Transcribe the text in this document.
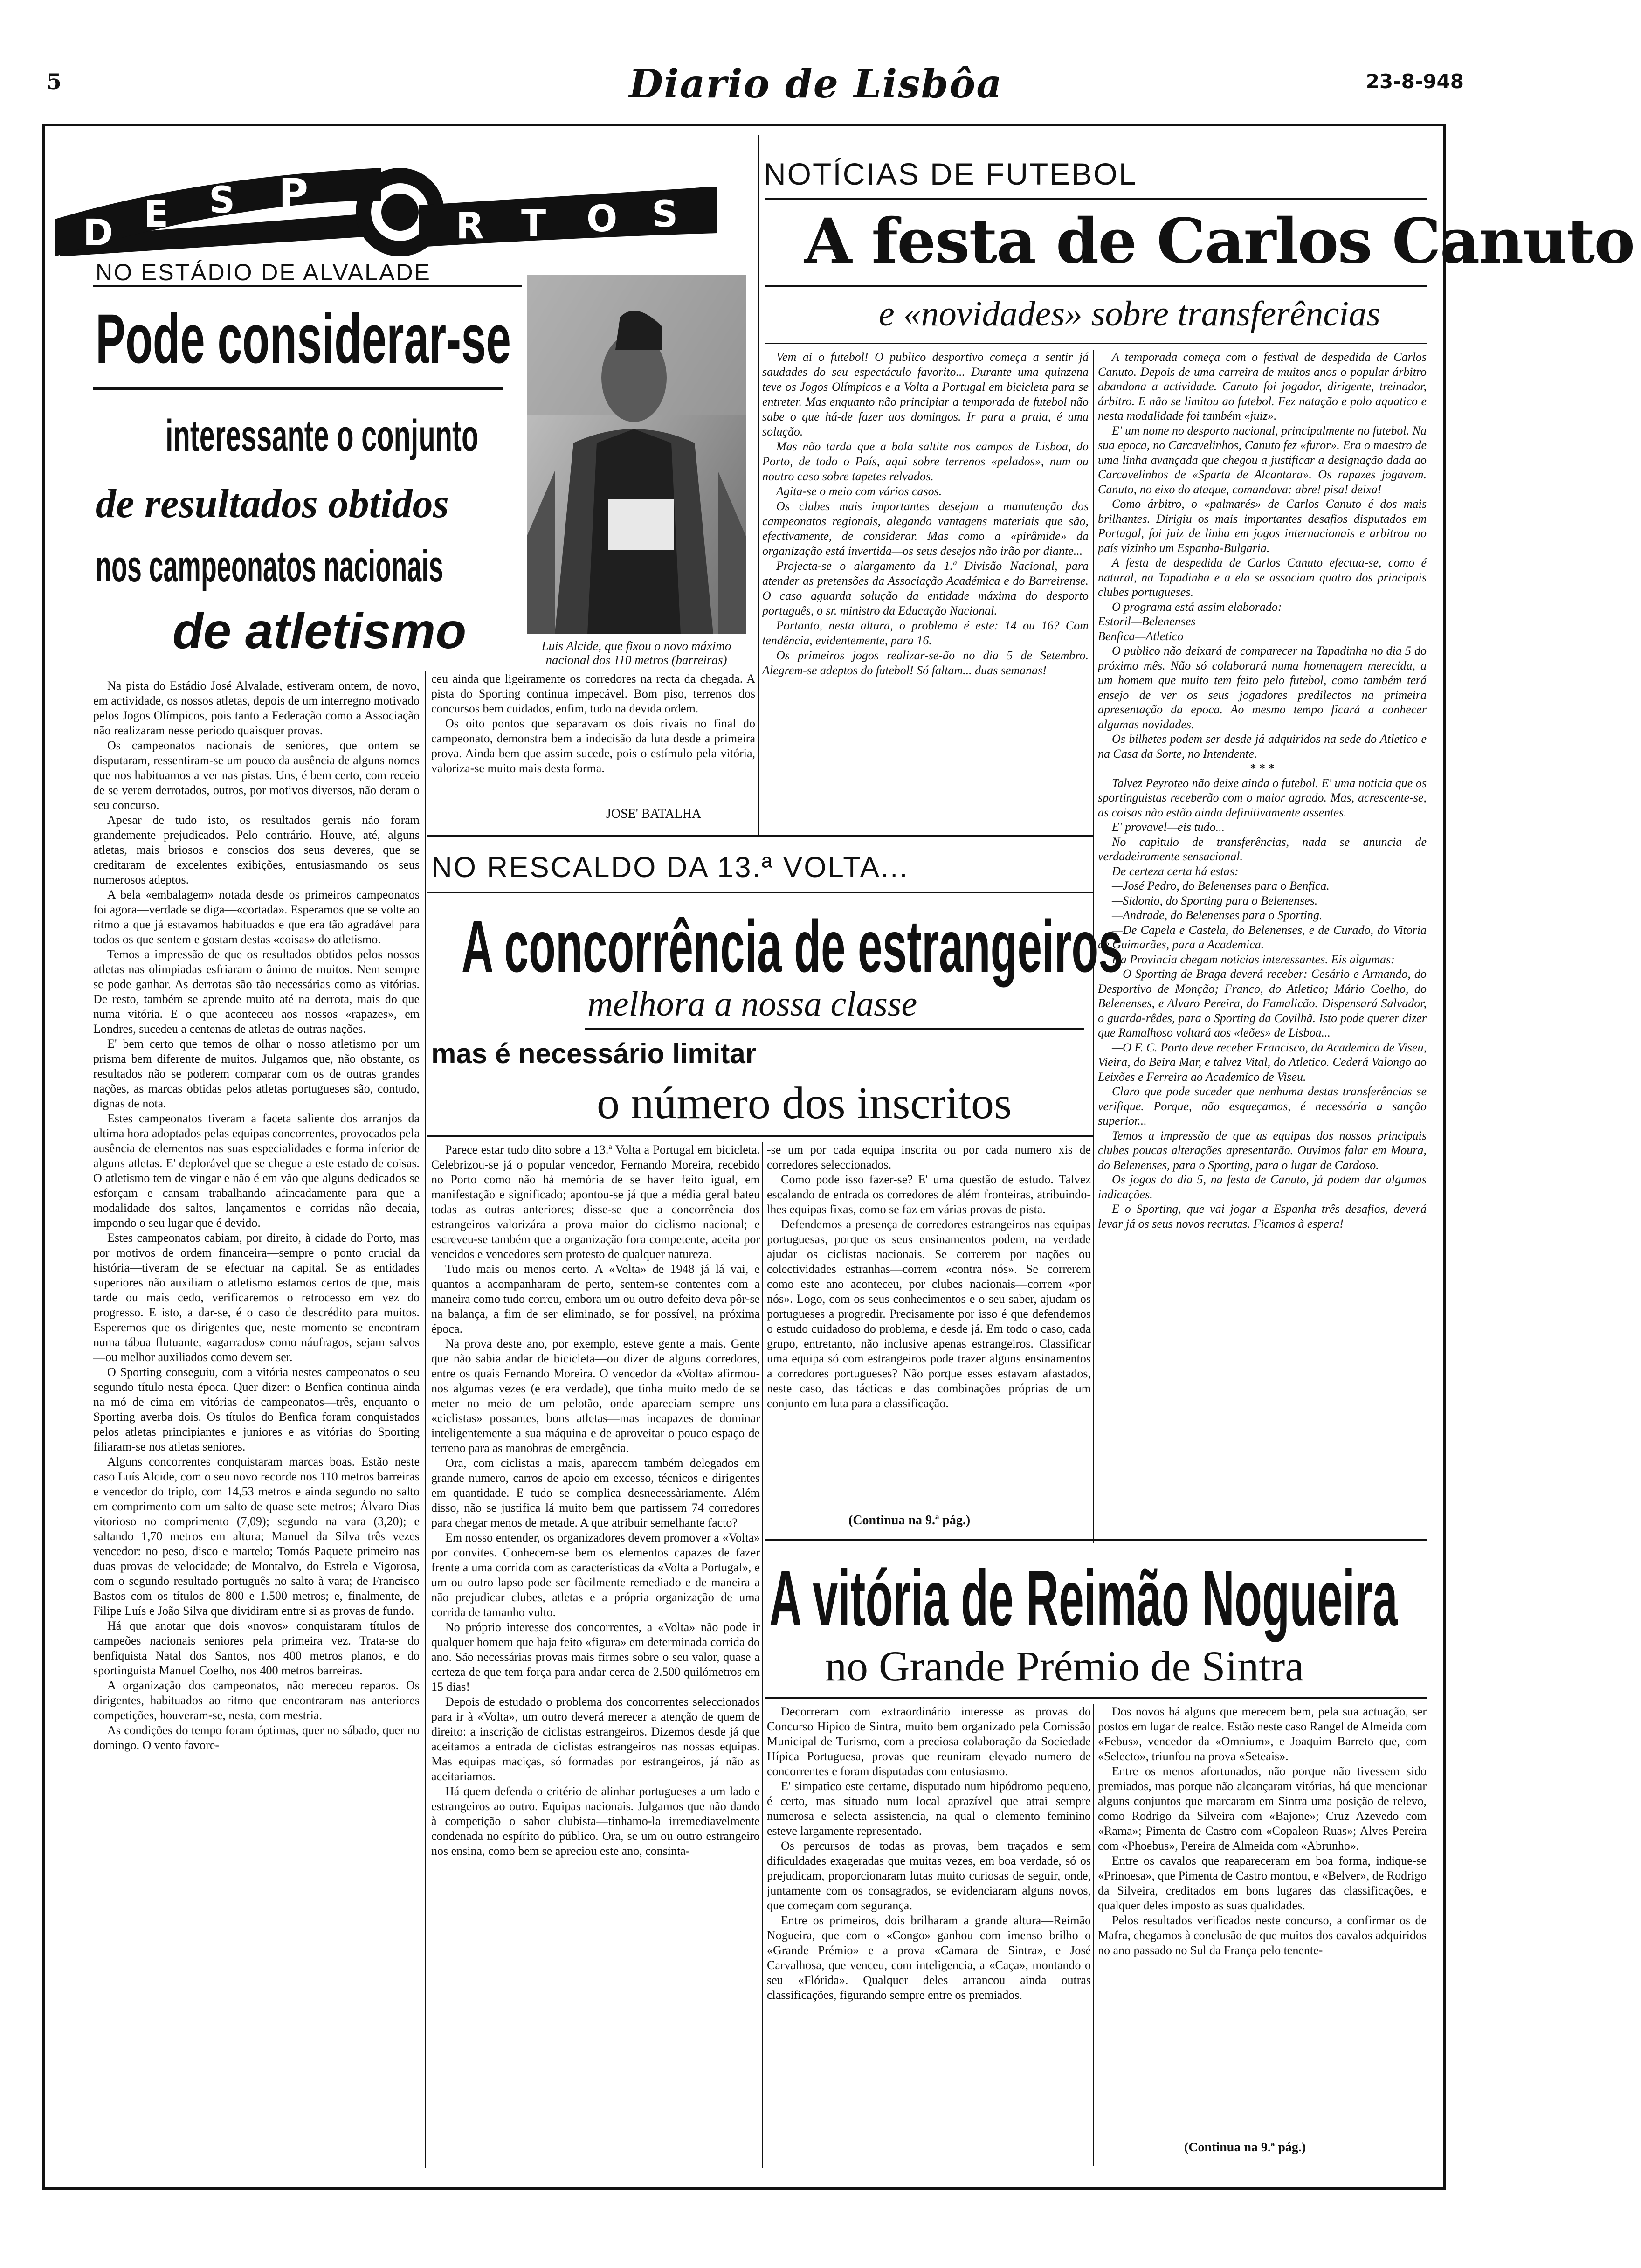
5	Diario de Lisbôa	23-8-948
D E S P
R T O S
NO ESTÁDIO DE ALVALADE
Pode considerar-se
interessante o conjunto
de resultados obtidos
nos campeonatos nacionais
de atletismo	Luis Alcide, que fixou o novo máximo nacional dos 110 metros (barreiras)

Na pista do Estádio José Alvalade, estiveram ontem, de novo, em actividade, os nossos atletas, depois de um interregno motivado pelos Jogos Olímpicos, pois tanto a Federação como a Associação não realizaram nesse período quaisquer provas.

Os campeonatos nacionais de seniores, que ontem se disputaram, ressentiram-se um pouco da ausência de alguns nomes que nos habituamos a ver nas pistas. Uns, é bem certo, com receio de se verem derrotados, outros, por motivos diversos, não deram o seu concurso.

Apesar de tudo isto, os resultados gerais não foram grandemente prejudicados. Pelo contrário. Houve, até, alguns atletas, mais briosos e conscios dos seus deveres, que se creditaram de excelentes exibições, entusiasmando os seus numerosos adeptos.

A bela «embalagem» notada desde os primeiros campeonatos foi agora—verdade se diga—«cortada». Esperamos que se volte ao ritmo a que já estavamos habituados e que era tão agradável para todos os que sentem e gostam destas «coisas» do atletismo.

Temos a impressão de que os resultados obtidos pelos nossos atletas nas olimpiadas esfriaram o ânimo de muitos. Nem sempre se pode ganhar. As derrotas são tão necessárias como as vitórias. De resto, também se aprende muito até na derrota, mais do que numa vitória. E o que aconteceu aos nossos «rapazes», em Londres, sucedeu a centenas de atletas de outras nações.

E' bem certo que temos de olhar o nosso atletismo por um prisma bem diferente de muitos. Julgamos que, não obstante, os resultados não se poderem comparar com os de outras grandes nações, as marcas obtidas pelos atletas portugueses são, contudo, dignas de nota.

Estes campeonatos tiveram a faceta saliente dos arranjos da ultima hora adoptados pelas equipas concorrentes, provocados pela ausência de elementos nas suas especialidades e forma inferior de alguns atletas. E' deplorável que se chegue a este estado de coisas. O atletismo tem de vingar e não é em vão que alguns dedicados se esforçam e cansam trabalhando afincadamente para que a modalidade dos saltos, lançamentos e corridas não decaia, impondo o seu lugar que é devido.

Estes campeonatos cabiam, por direito, à cidade do Porto, mas por motivos de ordem financeira—sempre o ponto crucial da história—tiveram de se efectuar na capital. Se as entidades superiores não auxiliam o atletismo estamos certos de que, mais tarde ou mais cedo, verificaremos o retrocesso em vez do progresso. E isto, a dar-se, é o caso de descrédito para muitos. Esperemos que os dirigentes que, neste momento se encontram numa tábua flutuante, «agarrados» como náufragos, sejam salvos—ou melhor auxiliados como devem ser.

O Sporting conseguiu, com a vitória nestes campeonatos o seu segundo título nesta época. Quer dizer: o Benfica continua ainda na mó de cima em vitórias de campeonatos—três, enquanto o Sporting averba dois. Os títulos do Benfica foram conquistados pelos atletas principiantes e juniores e as vitórias do Sporting filiaram-se nos atletas seniores.

Alguns concorrentes conquistaram marcas boas. Estão neste caso Luís Alcide, com o seu novo recorde nos 110 metros barreiras e vencedor do triplo, com 14,53 metros e ainda segundo no salto em comprimento com um salto de quase sete metros; Álvaro Dias vitorioso no comprimento (7,09); segundo na vara (3,20); e saltando 1,70 metros em altura; Manuel da Silva três vezes vencedor: no peso, disco e martelo; Tomás Paquete primeiro nas duas provas de velocidade; de Montalvo, do Estrela e Vigorosa, com o segundo resultado português no salto à vara; de Francisco Bastos com os títulos de 800 e 1.500 metros; e, finalmente, de Filipe Luís e João Silva que dividiram entre si as provas de fundo.

Há que anotar que dois «novos» conquistaram títulos de campeões nacionais seniores pela primeira vez. Trata-se do benfiquista Natal dos Santos, nos 400 metros planos, e do sportinguista Manuel Coelho, nos 400 metros barreiras.

A organização dos campeonatos, não mereceu reparos. Os dirigentes, habituados ao ritmo que encontraram nas anteriores competições, houveram-se, nesta, com mestria.

As condições do tempo foram óptimas, quer no sábado, quer no domingo. O vento favore-

ceu ainda que ligeiramente os corredores na recta da chegada. A pista do Sporting continua impecável. Bom piso, terrenos dos concursos bem cuidados, enfim, tudo na devida ordem.

Os oito pontos que separavam os dois rivais no final do campeonato, demonstra bem a indecisão da luta desde a primeira prova. Ainda bem que assim sucede, pois o estímulo pela vitória, valoriza-se muito mais desta forma.

JOSE' BATALHA
NOTÍCIAS DE FUTEBOL
A festa de Carlos Canuto
e «novidades» sobre transferências

Vem ai o futebol! O publico desportivo começa a sentir já saudades do seu espectáculo favorito... Durante uma quinzena teve os Jogos Olímpicos e a Volta a Portugal em bicicleta para se entreter. Mas enquanto não principiar a temporada de futebol não sabe o que há-de fazer aos domingos. Ir para a praia, é uma solução.

Mas não tarda que a bola saltite nos campos de Lisboa, do Porto, de todo o País, aqui sobre terrenos «pelados», num ou noutro caso sobre tapetes relvados.

Agita-se o meio com vários casos.

Os clubes mais importantes desejam a manutenção dos campeonatos regionais, alegando vantagens materiais que são, efectivamente, de considerar. Mas como a «pirâmide» da organização está invertida—os seus desejos não irão por diante...

Projecta-se o alargamento da 1.ª Divisão Nacional, para atender as pretensões da Associação Académica e do Barreirense. O caso aguarda solução da entidade máxima do desporto português, o sr. ministro da Educação Nacional.

Portanto, nesta altura, o problema é este: 14 ou 16? Com tendência, evidentemente, para 16.

Os primeiros jogos realizar-se-ão no dia 5 de Setembro. Alegrem-se adeptos do futebol! Só faltam... duas semanas!

A temporada começa com o festival de despedida de Carlos Canuto. Depois de uma carreira de muitos anos o popular árbitro abandona a actividade. Canuto foi jogador, dirigente, treinador, árbitro. E não se limitou ao futebol. Fez natação e polo aquatico e nesta modalidade foi também «juiz».

E' um nome no desporto nacional, principalmente no futebol. Na sua epoca, no Carcavelinhos, Canuto fez «furor». Era o maestro de uma linha avançada que chegou a justificar a designação dada ao Carcavelinhos de «Sparta de Alcantara». Os rapazes jogavam. Canuto, no eixo do ataque, comandava: abre! pisa! deixa!

Como árbitro, o «palmarés» de Carlos Canuto é dos mais brilhantes. Dirigiu os mais importantes desafios disputados em Portugal, foi juiz de linha em jogos internacionais e arbitrou no país vizinho um Espanha-Bulgaria.

A festa de despedida de Carlos Canuto efectua-se, como é natural, na Tapadinha e a ela se associam quatro dos principais clubes portugueses.

O programa está assim elaborado:

Estoril—Belenenses

Benfica—Atletico

O publico não deixará de comparecer na Tapadinha no dia 5 do próximo mês. Não só colaborará numa homenagem merecida, a um homem que muito tem feito pelo futebol, como também terá ensejo de ver os seus jogadores predilectos na primeira apresentação da epoca. Ao mesmo tempo ficará a conhecer algumas novidades.

Os bilhetes podem ser desde já adquiridos na sede do Atletico e na Casa da Sorte, no Intendente.

* * *

Talvez Peyroteo não deixe ainda o futebol. E' uma noticia que os sportinguistas receberão com o maior agrado. Mas, acrescente-se, as coisas não estão ainda definitivamente assentes.

E' provavel—eis tudo...

No capitulo de transferências, nada se anuncia de verdadeiramente sensacional.

De certeza certa há estas:

—José Pedro, do Belenenses para o Benfica.

—Sidonio, do Sporting para o Belenenses.

—Andrade, do Belenenses para o Sporting.

—De Capela e Castela, do Belenenses, e de Curado, do Vitoria de Guimarães, para a Academica.

Da Provincia chegam noticias interessantes. Eis algumas:

—O Sporting de Braga deverá receber: Cesário e Armando, do Desportivo de Monção; Franco, do Atletico; Mário Coelho, do Belenenses, e Alvaro Pereira, do Famalicão. Dispensará Salvador, o guarda-rêdes, para o Sporting da Covilhã. Isto pode querer dizer que Ramalhoso voltará aos «leões» de Lisboa...

—O F. C. Porto deve receber Francisco, da Academica de Viseu, Vieira, do Beira Mar, e talvez Vital, do Atletico. Cederá Valongo ao Leixões e Ferreira ao Academico de Viseu.

Claro que pode suceder que nenhuma destas transferências se verifique. Porque, não esqueçamos, é necessária a sanção superior...

Temos a impressão de que as equipas dos nossos principais clubes poucas alterações apresentarão. Ouvimos falar em Moura, do Belenenses, para o Sporting, para o lugar de Cardoso.

Os jogos do dia 5, na festa de Canuto, já podem dar algumas indicações.

E o Sporting, que vai jogar a Espanha três desafios, deverá levar já os seus novos recrutas. Ficamos à espera!

NO RESCALDO DA 13.ª VOLTA...
A concorrência de estrangeiros
melhora a nossa classe
mas é necessário limitar
o número dos inscritos

Parece estar tudo dito sobre a 13.ª Volta a Portugal em bicicleta. Celebrizou-se já o popular vencedor, Fernando Moreira, recebido no Porto como não há memória de se haver feito igual, em manifestação e significado; apontou-se já que a média geral bateu todas as outras anteriores; disse-se que a concorrência dos estrangeiros valorizára a prova maior do ciclismo nacional; e escreveu-se também que a organização fora competente, aceita por vencidos e vencedores sem protesto de qualquer natureza.

Tudo mais ou menos certo. A «Volta» de 1948 já lá vai, e quantos a acompanharam de perto, sentem-se contentes com a maneira como tudo correu, embora um ou outro defeito deva pôr-se na balança, a fim de ser eliminado, se for possível, na próxima época.

Na prova deste ano, por exemplo, esteve gente a mais. Gente que não sabia andar de bicicleta—ou dizer de alguns corredores, entre os quais Fernando Moreira. O vencedor da «Volta» afirmou-nos algumas vezes (e era verdade), que tinha muito medo de se meter no meio de um pelotão, onde apareciam sempre uns «ciclistas» possantes, bons atletas—mas incapazes de dominar inteligentemente a sua máquina e de aproveitar o pouco espaço de terreno para as manobras de emergência.

Ora, com ciclistas a mais, aparecem também delegados em grande numero, carros de apoio em excesso, técnicos e dirigentes em quantidade. E tudo se complica desnecessàriamente. Além disso, não se justifica lá muito bem que partissem 74 corredores para chegar menos de metade. A que atribuir semelhante facto?

Em nosso entender, os organizadores devem promover a «Volta» por convites. Conhecem-se bem os elementos capazes de fazer frente a uma corrida com as características da «Volta a Portugal», e um ou outro lapso pode ser fàcilmente remediado e de maneira a não prejudicar clubes, atletas e a própria organização de uma corrida de tamanho vulto.

No próprio interesse dos concorrentes, a «Volta» não pode ir qualquer homem que haja feito «figura» em determinada corrida do ano. São necessárias provas mais firmes sobre o seu valor, quase a certeza de que tem força para andar cerca de 2.500 quilómetros em 15 dias!

Depois de estudado o problema dos concorrentes seleccionados para ir à «Volta», um outro deverá merecer a atenção de quem de direito: a inscrição de ciclistas estrangeiros. Dizemos desde já que aceitamos a entrada de ciclistas estrangeiros nas nossas equipas. Mas equipas maciças, só formadas por estrangeiros, já não as aceitariamos.

Há quem defenda o critério de alinhar portugueses a um lado e estrangeiros ao outro. Equipas nacionais. Julgamos que não dando à competição o sabor clubista—tinhamo-la irremediavelmente condenada no espírito do público. Ora, se um ou outro estrangeiro nos ensina, como bem se apreciou este ano, consinta-

-se um por cada equipa inscrita ou por cada numero xis de corredores seleccionados.

Como pode isso fazer-se? E' uma questão de estudo. Talvez escalando de entrada os corredores de além fronteiras, atribuindo-lhes equipas fixas, como se faz em várias provas de pista.

Defendemos a presença de corredores estrangeiros nas equipas portuguesas, porque os seus ensinamentos podem, na verdade ajudar os ciclistas nacionais. Se correrem por nações ou colectividades estranhas—correm «contra nós». Se correrem como este ano aconteceu, por clubes nacionais—correm «por nós». Logo, com os seus conhecimentos e o seu saber, ajudam os portugueses a progredir. Precisamente por isso é que defendemos o estudo cuidadoso do problema, e desde já. Em todo o caso, cada grupo, entretanto, não inclusive apenas estrangeiros. Classificar uma equipa só com estrangeiros pode trazer alguns ensinamentos a corredores portugueses? Não porque esses estavam afastados, neste caso, das tácticas e das combinações próprias de um conjunto em luta para a classificação.

(Continua na 9.ª pág.)
A vitória de Reimão Nogueira
no Grande Prémio de Sintra

Decorreram com extraordinário interesse as provas do Concurso Hípico de Sintra, muito bem organizado pela Comissão Municipal de Turismo, com a preciosa colaboração da Sociedade Hípica Portuguesa, provas que reuniram elevado numero de concorrentes e foram disputadas com entusiasmo.

E' simpatico este certame, disputado num hipódromo pequeno, é certo, mas situado num local aprazível que atrai sempre numerosa e selecta assistencia, na qual o elemento feminino esteve largamente representado.

Os percursos de todas as provas, bem traçados e sem dificuldades exageradas que muitas vezes, em boa verdade, só os prejudicam, proporcionaram lutas muito curiosas de seguir, onde, juntamente com os consagrados, se evidenciaram alguns novos, que começam com segurança.

Entre os primeiros, dois brilharam a grande altura—Reimão Nogueira, que com o «Congo» ganhou com imenso brilho o «Grande Prémio» e a prova «Camara de Sintra», e José Carvalhosa, que venceu, com inteligencia, a «Caça», montando o seu «Flórida». Qualquer deles arrancou ainda outras classificações, figurando sempre entre os premiados.

Dos novos há alguns que merecem bem, pela sua actuação, ser postos em lugar de realce. Estão neste caso Rangel de Almeida com «Febus», vencedor da «Omnium», e Joaquim Barreto que, com «Selecto», triunfou na prova «Seteais».

Entre os menos afortunados, não porque não tivessem sido premiados, mas porque não alcançaram vitórias, há que mencionar alguns conjuntos que marcaram em Sintra uma posição de relevo, como Rodrigo da Silveira com «Bajone»; Cruz Azevedo com «Rama»; Pimenta de Castro com «Copaleon Ruas»; Alves Pereira com «Phoebus», Pereira de Almeida com «Abrunho».

Entre os cavalos que reapareceram em boa forma, indique-se «Prinoesa», que Pimenta de Castro montou, e «Belver», de Rodrigo da Silveira, creditados em bons lugares das classificações, e qualquer deles imposto as suas qualidades.

Pelos resultados verificados neste concurso, a confirmar os de Mafra, chegamos à conclusão de que muitos dos cavalos adquiridos no ano passado no Sul da França pelo tenente-

(Continua na 9.ª pág.)
